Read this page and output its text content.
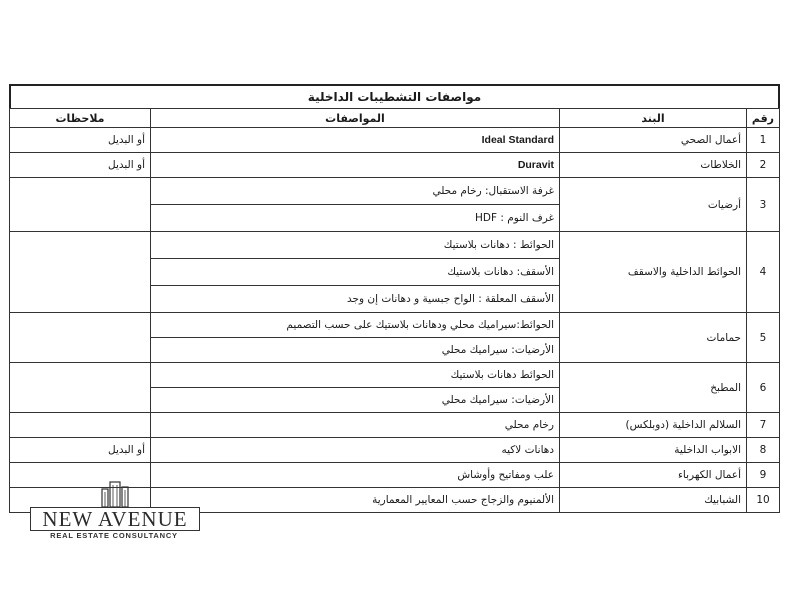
مواصفات التشطيبات الداخلية
رقم	البند	المواصفات	ملاحظات
1	أعمال الصحي	Ideal Standard	أو البديل
2	الخلاطات	Duravit	أو البديل
3	أرضيات	غرفة الاستقبال: رخام محلي	
		غرف النوم : HDF	
4	الحوائط الداخلية والاسقف	الحوائط : دهانات بلاستيك	
		الأسقف: دهانات بلاستيك	
		الأسقف المعلقة : الواح جبسية و دهانات إن وجد	
5	حمامات	الحوائط:سيراميك محلي ودهانات بلاستيك على حسب التصميم	
		الأرضيات: سيراميك محلي	
6	المطبخ	الحوائط دهانات بلاستيك	
		الأرضيات: سيراميك محلي	
7	السلالم الداخلية (دوبلكس)	رخام محلي	
8	الابواب الداخلية	دهانات لاكيه	أو البديل
9	أعمال الكهرباء	علب ومفاتيح وأوشاش	
10	الشبابيك	الألمنيوم والزجاج حسب المعايير المعمارية	
NEW AVENUE
REAL ESTATE CONSULTANCY
